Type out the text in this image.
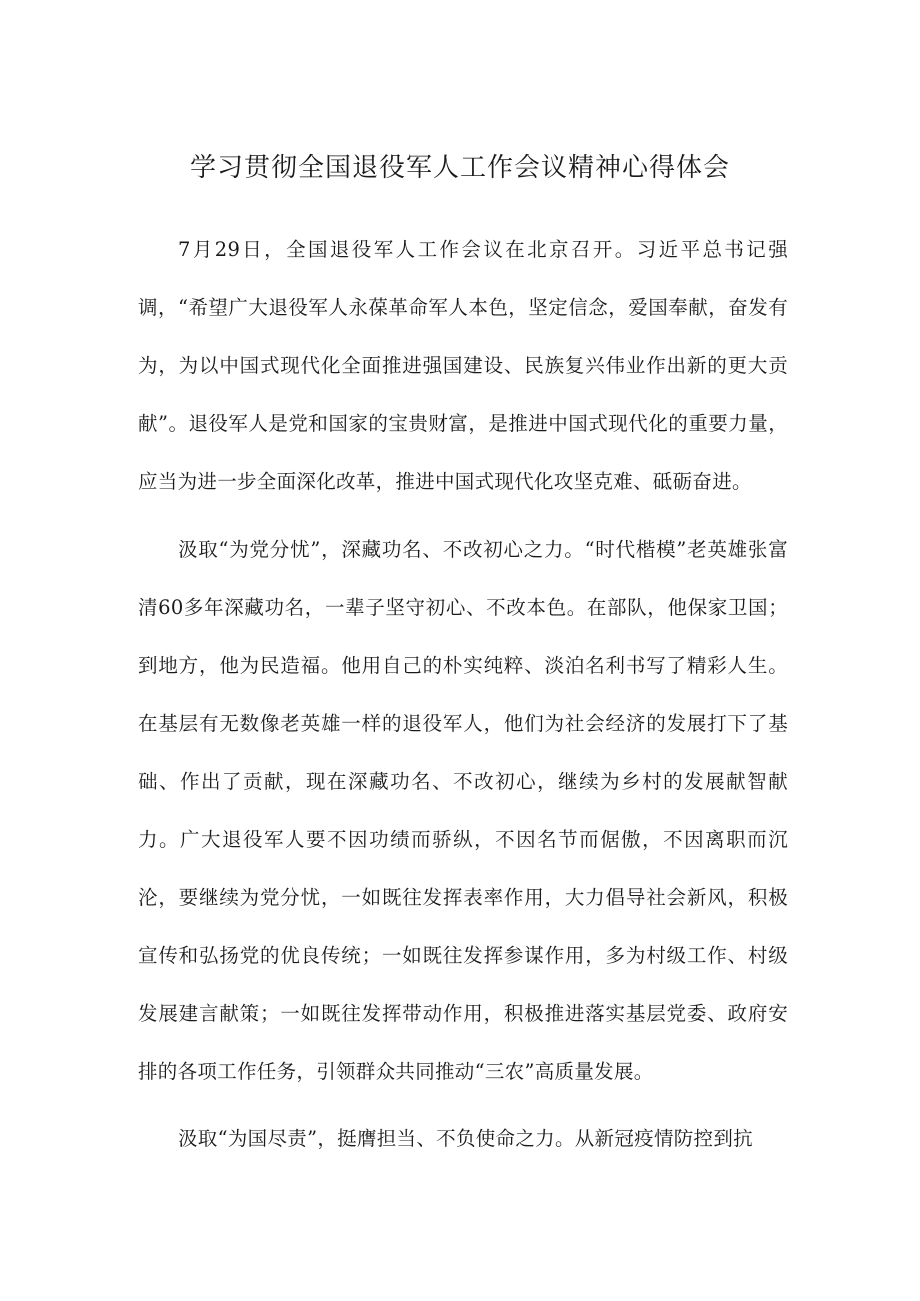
学习贯彻全国退役军人工作会议精神心得体会

7月29日，全国退役军人工作会议在北京召开。习近平总书记强调，“希望广大退役军人永葆革命军人本色，坚定信念，爱国奉献，奋发有为，为以中国式现代化全面推进强国建设、民族复兴伟业作出新的更大贡献”。退役军人是党和国家的宝贵财富，是推进中国式现代化的重要力量，应当为进一步全面深化改革，推进中国式现代化攻坚克难、砥砺奋进。

汲取“为党分忧”，深藏功名、不改初心之力。“时代楷模”老英雄张富清60多年深藏功名，一辈子坚守初心、不改本色。在部队，他保家卫国；到地方，他为民造福。他用自己的朴实纯粹、淡泊名利书写了精彩人生。在基层有无数像老英雄一样的退役军人，他们为社会经济的发展打下了基础、作出了贡献，现在深藏功名、不改初心，继续为乡村的发展献智献力。广大退役军人要不因功绩而骄纵，不因名节而倨傲，不因离职而沉沦，要继续为党分忧，一如既往发挥表率作用，大力倡导社会新风，积极宣传和弘扬党的优良传统；一如既往发挥参谋作用，多为村级工作、村级发展建言献策；一如既往发挥带动作用，积极推进落实基层党委、政府安排的各项工作任务，引领群众共同推动“三农”高质量发展。

汲取“为国尽责”，挺膺担当、不负使命之力。从新冠疫情防控到抗
